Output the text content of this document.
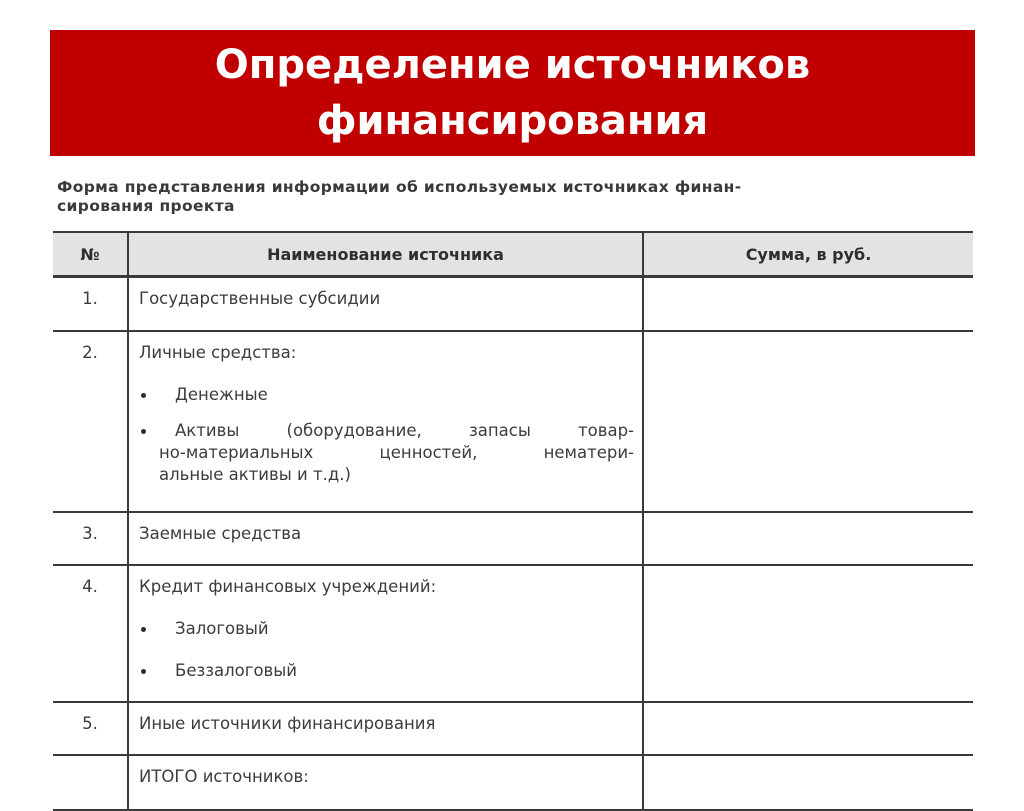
Определение источников
финансирования
Форма представления информации об используемых источниках финан-
сирования проекта
№	Наименование источника	Сумма, в руб.
1.	Государственные субсидии	
2.	Личные средства:
Денежные
Активы (оборудование, запасы товар-
но-материальных ценностей, нематери-
альные активы и т.д.)	

3.	Заемные средства	
4.	Кредит финансовых учреждений:
Залоговый
Беззалоговый	

5.	Иные источники финансирования	
	ИТОГО источников:	
